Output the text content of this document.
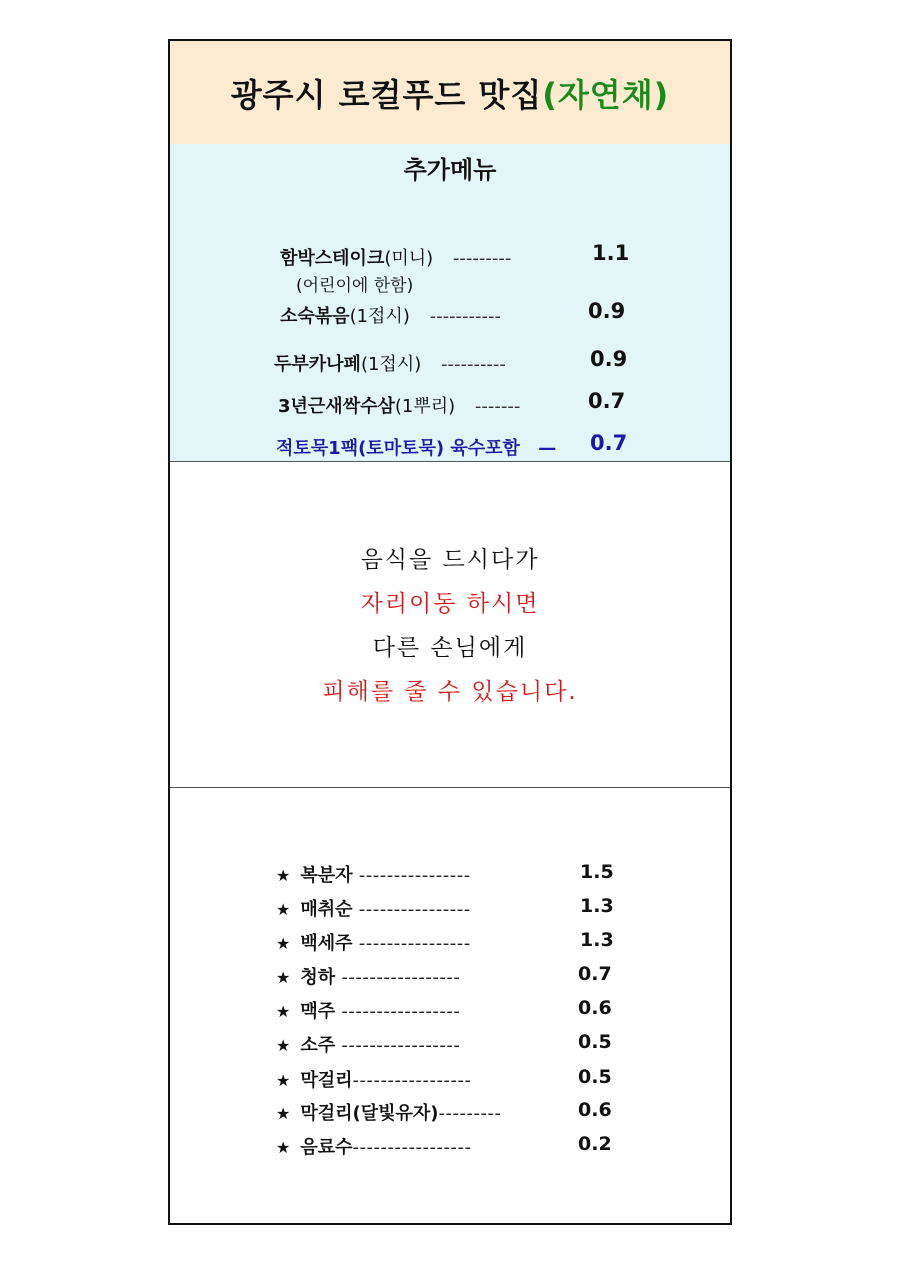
광주시 로컬푸드 맛집 (자연채)
추가메뉴
함박스테이크(미니) ---------	1.1
(어린이에 한함)
소숙볶음(1접시) -----------	0.9
두부카나페(1접시) ----------	0.9
3년근새싹수삼(1뿌리) -------	0.7
적토묵1팩(토마토묵) 육수포함 — 0.7
음식을 드시다가
자리이동 하시면
다른 손님에게
피해를 줄 수 있습니다.
★ 복분자 ----------------	1.5
★ 매취순 ----------------	1.3
★ 백세주 ----------------	1.3
★ 청하 -----------------	0.7
★ 맥주 -----------------	0.6
★ 소주 -----------------	0.5
★ 막걸리-----------------	0.5
★ 막걸리(달빛유자)---------	0.6
★ 음료수-----------------	0.2
